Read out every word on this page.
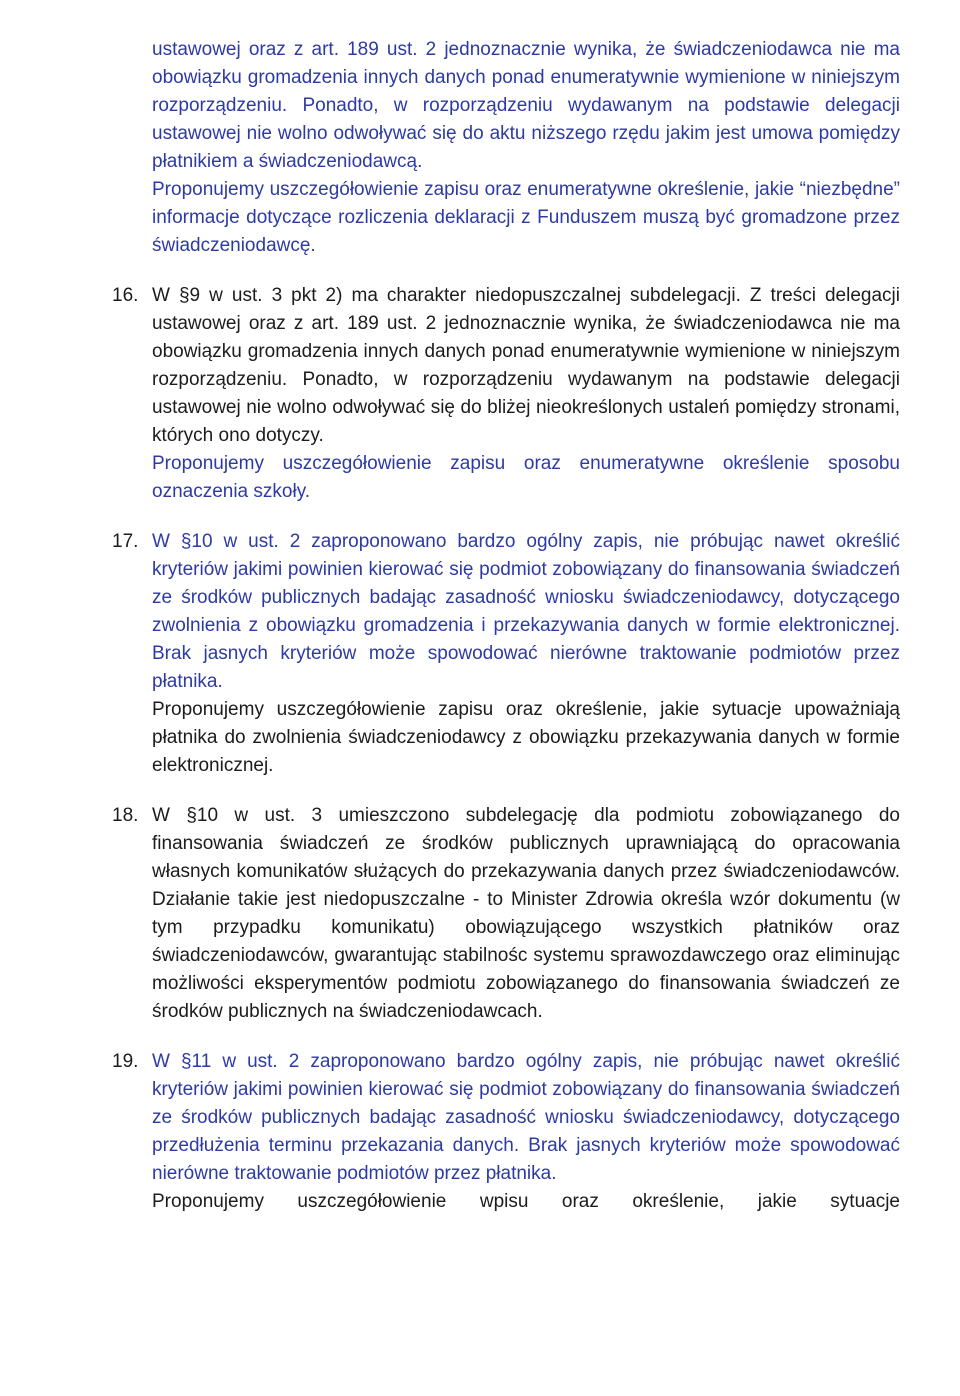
ustawowej oraz z art. 189 ust. 2 jednoznacznie wynika, że świadczeniodawca nie ma obowiązku gromadzenia innych danych ponad enumeratywnie wymienione w niniejszym rozporządzeniu. Ponadto, w rozporządzeniu wydawanym na podstawie delegacji ustawowej nie wolno odwoływać się do aktu niższego rzędu jakim jest umowa pomiędzy płatnikiem a świadczeniodawcą.

Proponujemy uszczegółowienie zapisu oraz enumeratywne określenie, jakie “niezbędne” informacje dotyczące rozliczenia deklaracji z Funduszem muszą być gromadzone przez świadczeniodawcę.

16. W §9 w ust. 3 pkt 2) ma charakter niedopuszczalnej subdelegacji. Z treści delegacji ustawowej oraz z art. 189 ust. 2 jednoznacznie wynika, że świadczeniodawca nie ma obowiązku gromadzenia innych danych ponad enumeratywnie wymienione w niniejszym rozporządzeniu. Ponadto, w rozporządzeniu wydawanym na podstawie delegacji ustawowej nie wolno odwoływać się do bliżej nieokreślonych ustaleń pomiędzy stronami, których ono dotyczy.

Proponujemy uszczegółowienie zapisu oraz enumeratywne określenie sposobu oznaczenia szkoły.

17. W §10 w ust. 2 zaproponowano bardzo ogólny zapis, nie próbując nawet określić kryteriów jakimi powinien kierować się podmiot zobowiązany do finansowania świadczeń ze środków publicznych badając zasadność wniosku świadczeniodawcy, dotyczącego zwolnienia z obowiązku gromadzenia i przekazywania danych w formie elektronicznej. Brak jasnych kryteriów może spowodować nierówne traktowanie podmiotów przez płatnika.

Proponujemy uszczegółowienie zapisu oraz określenie, jakie sytuacje upoważniają płatnika do zwolnienia świadczeniodawcy z obowiązku przekazywania danych w formie elektronicznej.

18. W §10 w ust. 3 umieszczono subdelegację dla podmiotu zobowiązanego do finansowania świadczeń ze środków publicznych uprawniającą do opracowania własnych komunikatów służących do przekazywania danych przez świadczeniodawców. Działanie takie jest niedopuszczalne - to Minister Zdrowia określa wzór dokumentu (w tym przypadku komunikatu) obowiązującego wszystkich płatników oraz świadczeniodawców, gwarantując stabilnośc systemu sprawozdawczego oraz eliminując możliwości eksperymentów podmiotu zobowiązanego do finansowania świadczeń ze środków publicznych na świadczeniodawcach.

19. W §11 w ust. 2 zaproponowano bardzo ogólny zapis, nie próbując nawet określić kryteriów jakimi powinien kierować się podmiot zobowiązany do finansowania świadczeń ze środków publicznych badając zasadność wniosku świadczeniodawcy, dotyczącego przedłużenia terminu przekazania danych. Brak jasnych kryteriów może spowodować nierówne traktowanie podmiotów przez płatnika.

Proponujemy uszczegółowienie wpisu oraz określenie, jakie sytuacje
